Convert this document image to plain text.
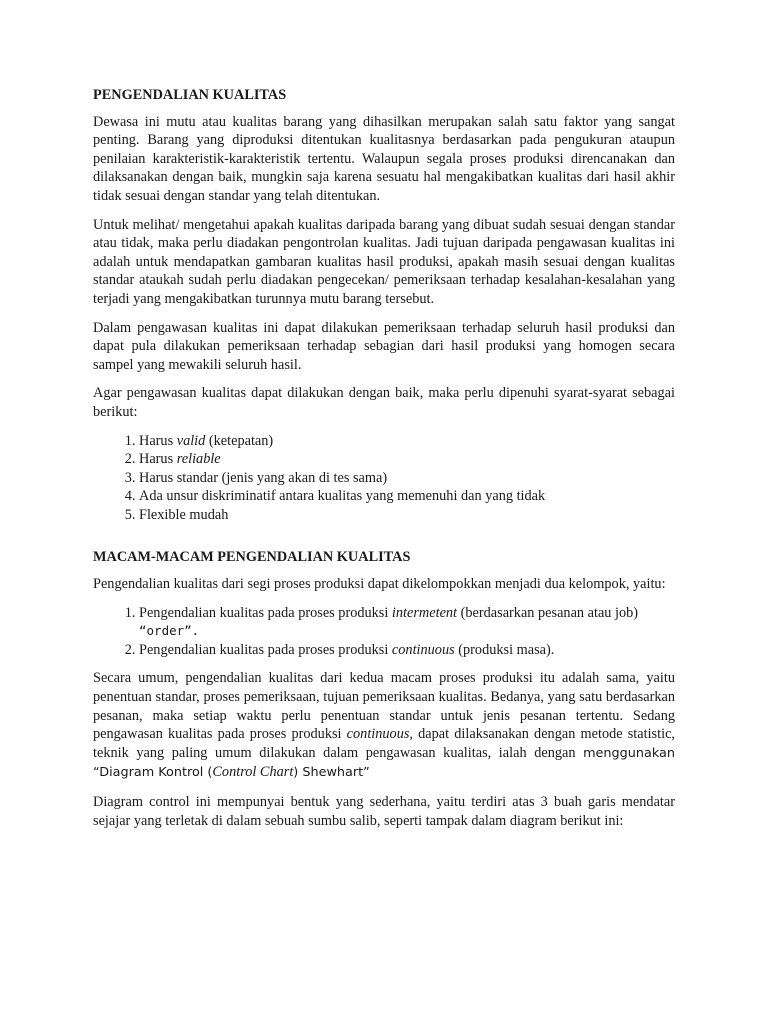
PENGENDALIAN KUALITAS

Dewasa ini mutu atau kualitas barang yang dihasilkan merupakan salah satu faktor yang sangat penting. Barang yang diproduksi ditentukan kualitasnya berdasarkan pada pengukuran ataupun penilaian karakteristik-karakteristik tertentu. Walaupun segala proses produksi direncanakan dan dilaksanakan dengan baik, mungkin saja karena sesuatu hal mengakibatkan kualitas dari hasil akhir tidak sesuai dengan standar yang telah ditentukan.

Untuk melihat/ mengetahui apakah kualitas daripada barang yang dibuat sudah sesuai dengan standar atau tidak, maka perlu diadakan pengontrolan kualitas. Jadi tujuan daripada pengawasan kualitas ini adalah untuk mendapatkan gambaran kualitas hasil produksi, apakah masih sesuai dengan kualitas standar ataukah sudah perlu diadakan pengecekan/ pemeriksaan terhadap kesalahan-kesalahan yang terjadi yang mengakibatkan turunnya mutu barang tersebut.

Dalam pengawasan kualitas ini dapat dilakukan pemeriksaan terhadap seluruh hasil produksi dan dapat pula dilakukan pemeriksaan terhadap sebagian dari hasil produksi yang homogen secara sampel yang mewakili seluruh hasil.

Agar pengawasan kualitas dapat dilakukan dengan baik, maka perlu dipenuhi syarat-syarat sebagai berikut:

1. Harus valid (ketepatan)
2. Harus reliable
3. Harus standar (jenis yang akan di tes sama)
4. Ada unsur diskriminatif antara kualitas yang memenuhi dan yang tidak
5. Flexible mudah
MACAM-MACAM PENGENDALIAN KUALITAS

Pengendalian kualitas dari segi proses produksi dapat dikelompokkan menjadi dua kelompok, yaitu:

1. Pengendalian kualitas pada proses produksi intermetent (berdasarkan pesanan atau job) “order”.
2. Pengendalian kualitas pada proses produksi continuous (produksi masa).

Secara umum, pengendalian kualitas dari kedua macam proses produksi itu adalah sama, yaitu penentuan standar, proses pemeriksaan, tujuan pemeriksaan kualitas. Bedanya, yang satu berdasarkan pesanan, maka setiap waktu perlu penentuan standar untuk jenis pesanan tertentu. Sedang pengawasan kualitas pada proses produksi continuous, dapat dilaksanakan dengan metode statistic, teknik yang paling umum dilakukan dalam pengawasan kualitas, ialah dengan menggunakan “Diagram Kontrol (Control Chart) Shewhart”

Diagram control ini mempunyai bentuk yang sederhana, yaitu terdiri atas 3 buah garis mendatar sejajar yang terletak di dalam sebuah sumbu salib, seperti tampak dalam diagram berikut ini:
